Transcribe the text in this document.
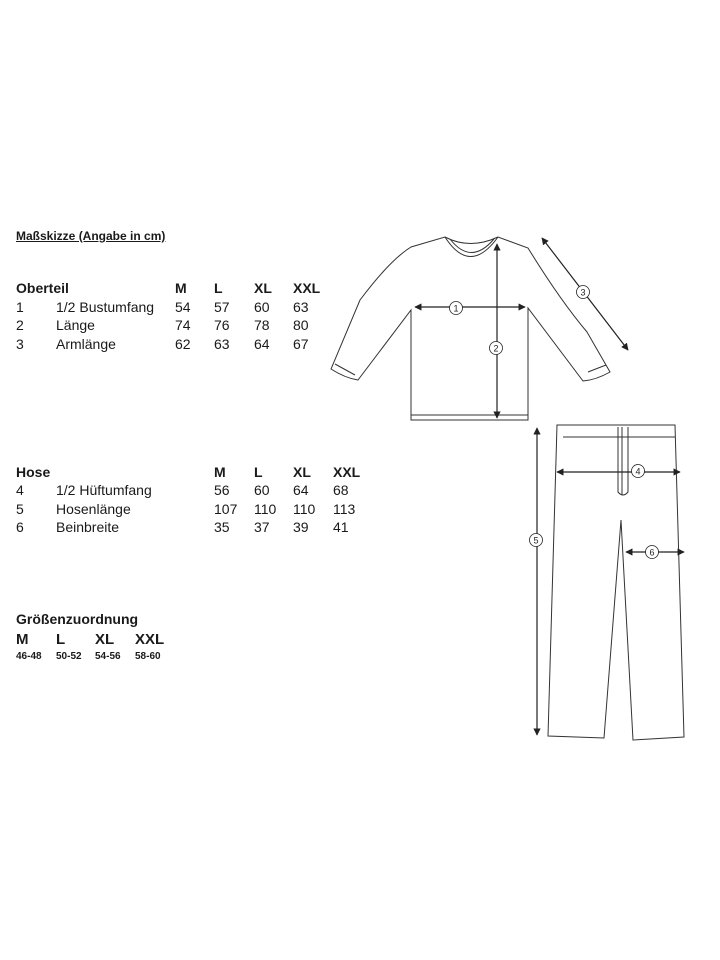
Maßskizze (Angabe in cm)
Oberteil	M L XL XXL
1 1/2 Bustumfang 54 57 60 63
2 Länge	74 76 78 80
3 Armlänge	62 63 64 67
Hose	M L XL XXL
4 1/2 Hüftumfang	56 60 64 68
5 Hosenlänge	107 110 110 113
6 Beinbreite	35 37 39 41
Größenzuordnung
M L XL XXL
46-48 50-52 54-56 58-60
1
2
3
4
5
6
